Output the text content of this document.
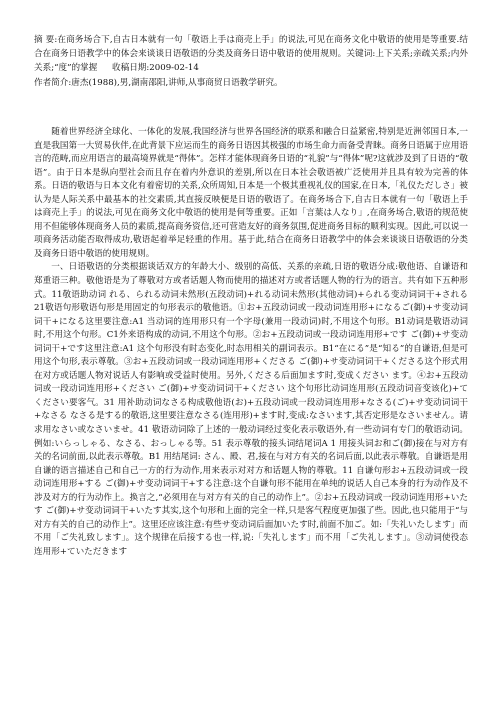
摘 要:在商务场合下,自古日本就有一句「敬语上手は商売上手」的说法,可见在商务文化中敬语的使用是等重要.结合在商务日语教学中的体会来谈谈日语敬语的分类及商务日语中敬语的使用规则。关键词:上下关系;亲疏关系;内外关系;“度”的掌握 收稿日期:2009-02-14
作者简介:唐杰(1988),男,湖南邵阳,讲师,从事商贸日语教学研究。

随着世界经济全球化、一体化的发展,我国经济与世界各国经济的联系和融合日益紧密,特别是近洲邻国日本,一直是我国第一大贸易伙伴,在此背景下应运而生的商务日语因其极强的市场生命力而备受青睐。商务日语属于应用语言的范畴,而应用语言的最高境界就是“得体”。怎样才能体现商务日语的“礼貌”与“得体”呢?这就涉及到了日语的“敬语”。由于日本是纵向型社会而且存在着内外意识的差别,所以在日本社会敬语被广泛使用并且具有较为完善的体系。日语的敬语与日本文化有着密切的关系,众所周知,日本是一个极其重视礼仪的国家,在日本,「礼仪ただしさ」被认为是人际关系中最基本的社交素质,其直接反映便是日语的敬语了。在商务场合下,自古日本就有一句「敬语上手は商売上手」的说法,可见在商务文化中敬语的使用是何等重要。正如「言葉は人なり」,在商务场合,敬语的规范使用不但能够体现商务人员的素质,提高商务资信,还可营造友好的商务氛围,促进商务目标的顺利实现。因此,可以说一项商务活动能否取得成功,敬语起着举足轻重的作用。基于此,结合在商务日语教学中的体会来谈谈日语敬语的分类及商务日语中敬语的使用规则。

一、日语敬语的分类根据谈话双方的年龄大小、级别的高低、关系的亲疏,日语的敬语分成:敬他语、自谦语和郑重语三种。敬他语是为了尊敬对方或者话题人物而使用的描述对方或者话题人物的行为的语言。共有如下五种形式。11敬语助动词 れる、られる动词未然形(五段动词)+れる动词未然形(其他动词)+られる变动词词干+される 21敬语句形敬语句形是用固定的句形表示的敬他语。①お+五段动词或一段动词连用形+になるご(御)+サ变动词词干+になる这里要注意:A1 当动词的连用形只有一个字母(兼用一段动词)时,不用这个句形。B1动词是敬语动词时,不用这个句形。C1外来语构成的动词,不用这个句形。②お+五段动词或一段动词连用形+です ご(御)+サ变动词词干+です这里注意:A1 这个句形没有时态变化,时态用相关的副词表示。B1“在にる”是“知る”的自谦语,但是可用这个句形,表示尊敬。③お+五段动词或一段动词连用形+くださる ご(御)+サ变动词词干+くださる这个形式用在对方或话题人物对说话人有影响或受益时使用。另外,くださる后面加ます时,变成ください ます。④お+五段动词或一段动词连用形+ください ご(御)+サ变动词词干+ください 这个句形比动词连用形(五段动词音变该化)+てください要客气。31 用补助动词なさる构成敬他语(お)+五段动词或一段动词连用形+なさる(ご)+サ变动词词干+なさる なさる是する的敬语,这里要注意なさる(连用形)+ます时,变成:なさいます,其否定形是なさいません。请求用なさい或なさいませ。41 敬语动词除了上述的一般动词经过变化表示敬语外,有一些动词有专门的敬语动词。例如:いらっしゃる、なさる、おっしゃる等。51 表示尊敬的接头词结尾词A 1 用接头词お和ご(御)接在与对方有关的名词前面,以此表示尊敬。B1 用结尾词: さん、殿、君,接在与对方有关的名词后面,以此表示尊敬。自谦语是用自谦的语言描述自己和自己一方的行为动作,用来表示对对方和话题人物的尊敬。11 自谦句形お+五段动词或一段动词连用形+する ご(御)+サ变动词词干+する注意:这个自谦句形不能用在单纯的说话人自己本身的行为动作及不涉及对方的行为动作上。换言之,“必须用在与对方有关的自己的动作上”。②お+五段动词或一段动词连用形+いたす ご(御)+サ变动词词干+いたす其实,这个句形和上面的完全一样,只是客气程度更加强了些。因此,也只能用于“与对方有关的自己的动作上”。这里还应该注意:有些サ变动词后面加いたす时,前面不加ご。如:「失礼いたします」而不用「ご失礼致します」。这个规律在后接する也一样,说:「失礼します」而不用「ご失礼します」。③动词使役态连用形+ていただきます
